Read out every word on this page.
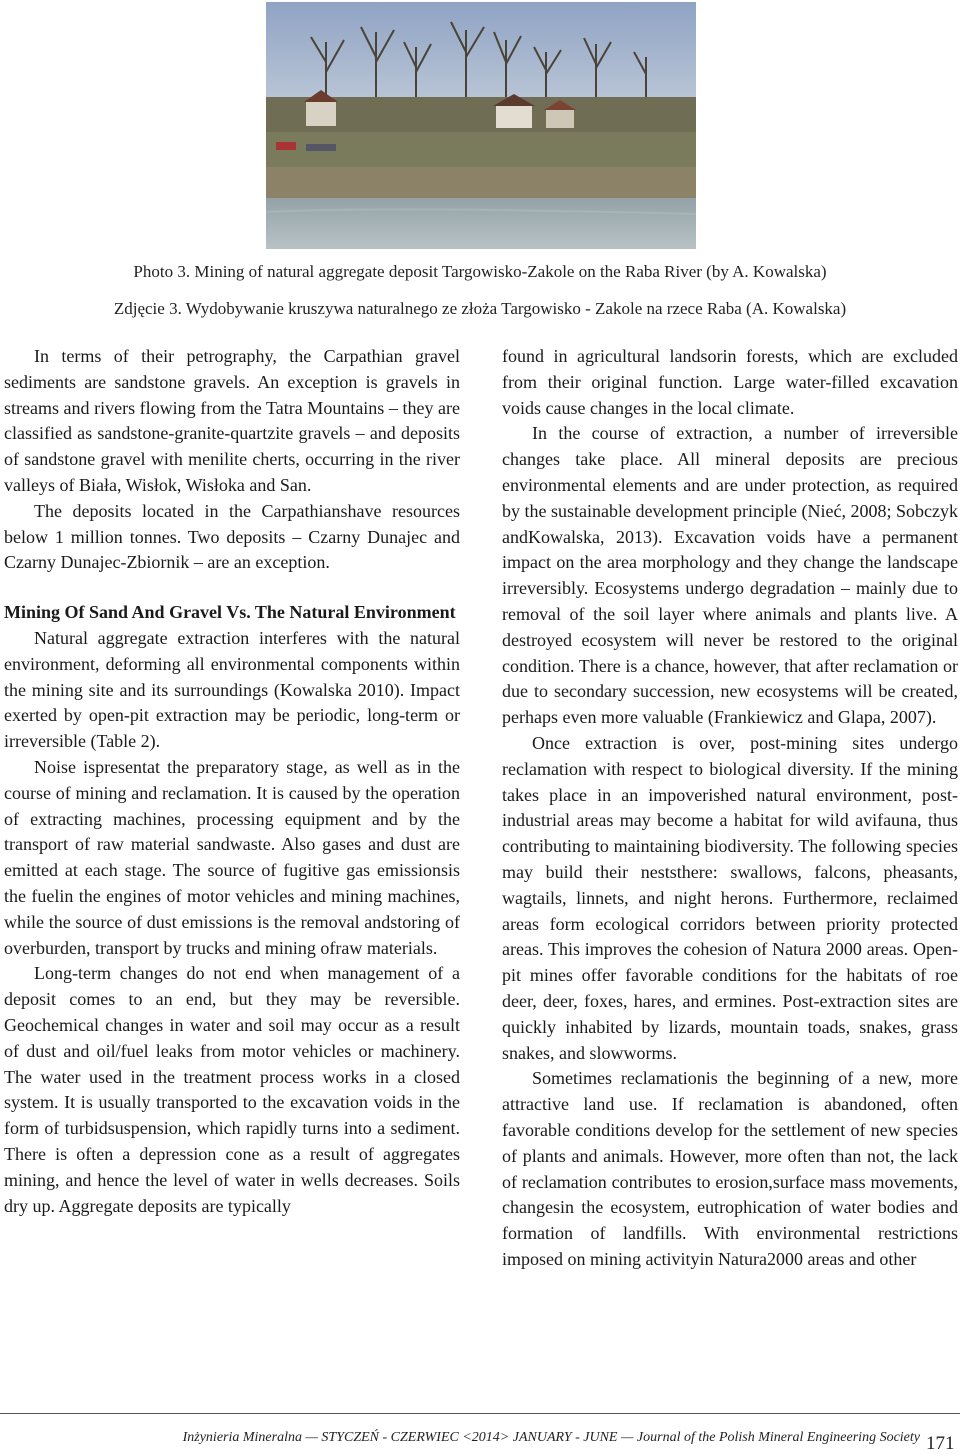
Photo 3. Mining of natural aggregate deposit Targowisko-Zakole on the Raba River (by A. Kowalska)
Zdjęcie 3. Wydobywanie kruszywa naturalnego ze złoża Targowisko - Zakole na rzece Raba (A. Kowalska)

In terms of their petrography, the Carpathian gravel sediments are sandstone gravels. An exception is gravels in streams and rivers flowing from the Tatra Mountains – they are classified as sandstone-granite-quartzite gravels – and deposits of sandstone gravel with menilite cherts, occurring in the river valleys of Biała, Wisłok, Wisłoka and San.

The deposits located in the Carpathianshave resources below 1 million tonnes. Two deposits – Czarny Dunajec and Czarny Dunajec-Zbiornik – are an exception.

Mining Of Sand And Gravel Vs. The Natural Environment

Natural aggregate extraction interferes with the natural environment, deforming all environmental components within the mining site and its surroundings (Kowalska 2010). Impact exerted by open-pit extraction may be periodic, long-term or irreversible (Table 2).

Noise ispresentat the preparatory stage, as well as in the course of mining and reclamation. It is caused by the operation of extracting machines, processing equipment and by the transport of raw material sandwaste. Also gases and dust are emitted at each stage. The source of fugitive gas emissionsis the fuelin the engines of motor vehicles and mining machines, while the source of dust emissions is the removal andstoring of overburden, transport by trucks and mining ofraw materials.

Long-term changes do not end when management of a deposit comes to an end, but they may be reversible. Geochemical changes in water and soil may occur as a result of dust and oil/fuel leaks from motor vehicles or machinery. The water used in the treatment process works in a closed system. It is usually transported to the excavation voids in the form of turbidsuspension, which rapidly turns into a sediment. There is often a depression cone as a result of aggregates mining, and hence the level of water in wells decreases. Soils dry up. Aggregate deposits are typically

found in agricultural landsorin forests, which are excluded from their original function. Large water-filled excavation voids cause changes in the local climate.

In the course of extraction, a number of irreversible changes take place. All mineral deposits are precious environmental elements and are under protection, as required by the sustainable development principle (Nieć, 2008; Sobczyk andKowalska, 2013). Excavation voids have a permanent impact on the area morphology and they change the landscape irreversibly. Ecosystems undergo degradation – mainly due to removal of the soil layer where animals and plants live. A destroyed ecosystem will never be restored to the original condition. There is a chance, however, that after reclamation or due to secondary succession, new ecosystems will be created, perhaps even more valuable (Frankiewicz and Glapa, 2007).

Once extraction is over, post-mining sites undergo reclamation with respect to biological diversity. If the mining takes place in an impoverished natural environment, post-industrial areas may become a habitat for wild avifauna, thus contributing to maintaining biodiversity. The following species may build their neststhere: swallows, falcons, pheasants, wagtails, linnets, and night herons. Furthermore, reclaimed areas form ecological corridors between priority protected areas. This improves the cohesion of Natura 2000 areas. Open-pit mines offer favorable conditions for the habitats of roe deer, deer, foxes, hares, and ermines. Post-extraction sites are quickly inhabited by lizards, mountain toads, snakes, grass snakes, and slowworms.

Sometimes reclamationis the beginning of a new, more attractive land use. If reclamation is abandoned, often favorable conditions develop for the settlement of new species of plants and animals. However, more often than not, the lack of reclamation contributes to erosion,surface mass movements, changesin the ecosystem, eutrophication of water bodies and formation of landfills. With environmental restrictions imposed on mining activityin Natura2000 areas and other

Inżynieria Mineralna — STYCZEŃ - CZERWIEC <2014> JANUARY - JUNE — Journal of the Polish Mineral Engineering Society 171
